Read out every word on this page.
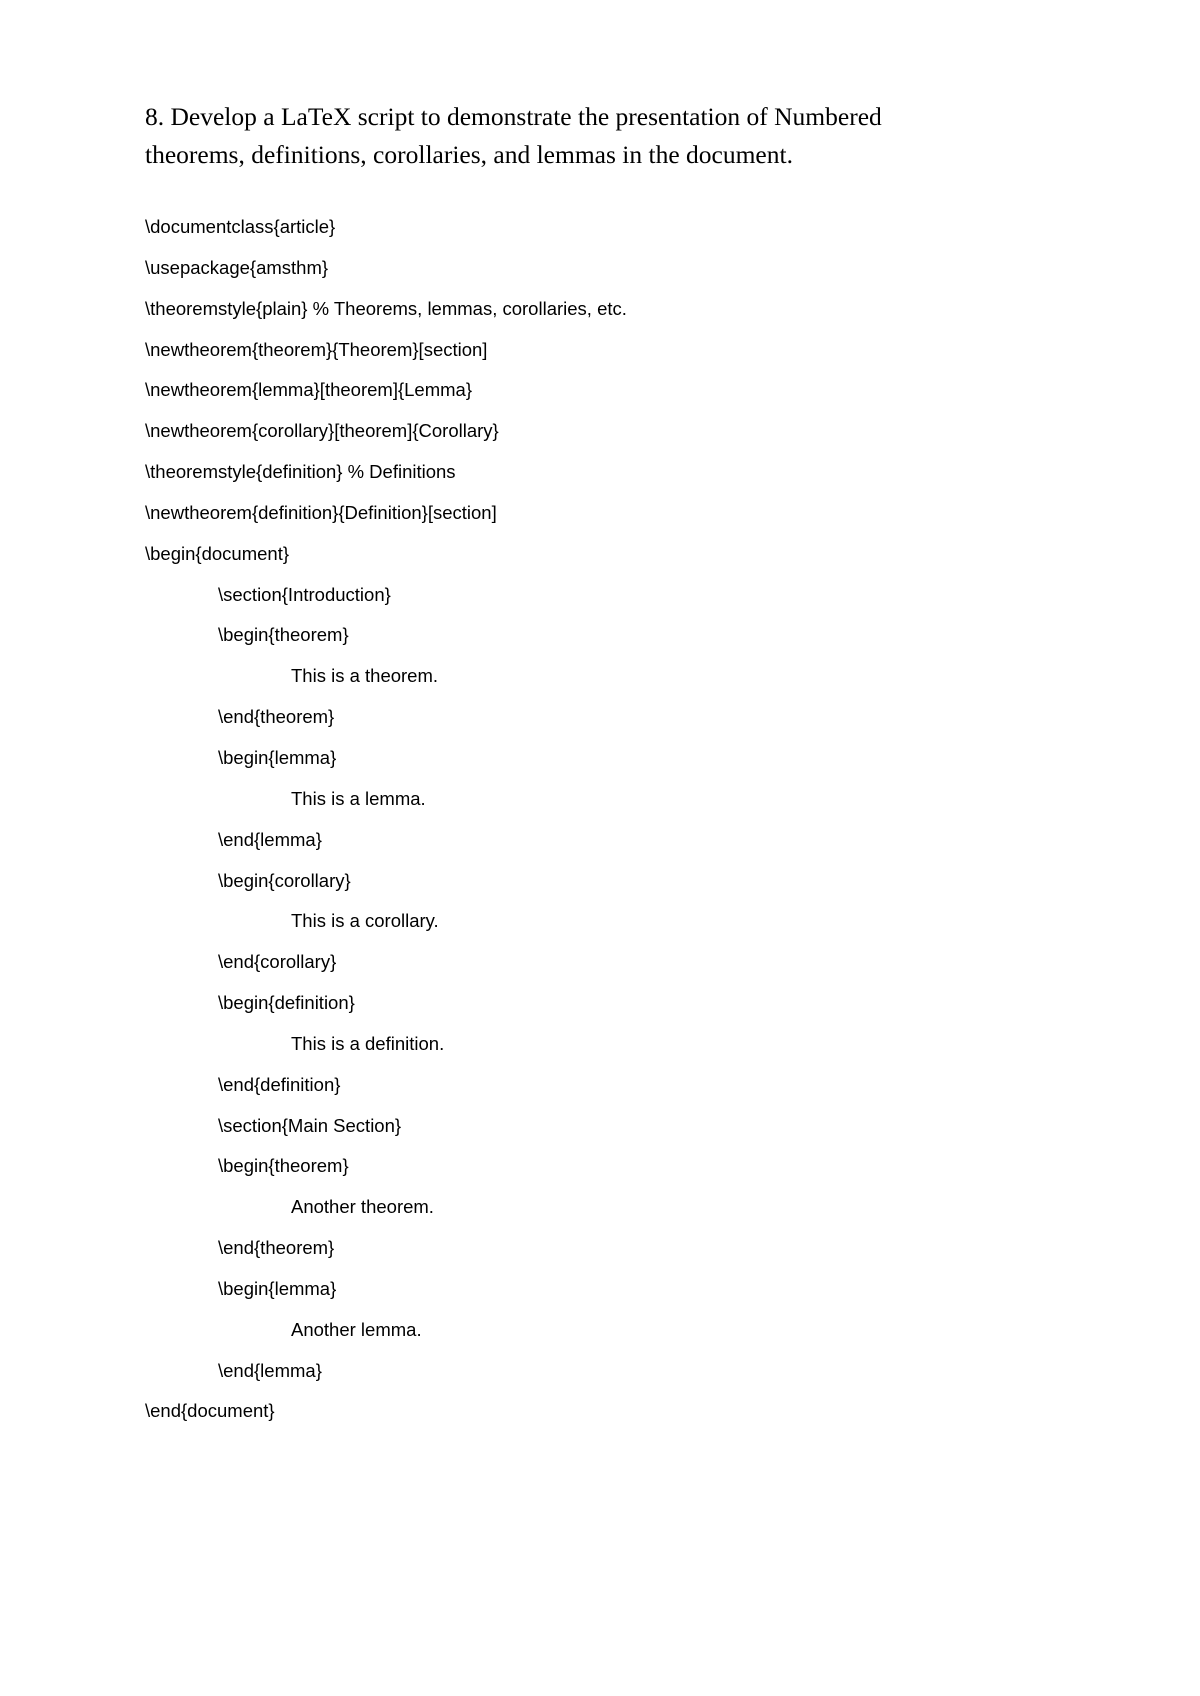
8. Develop a LaTeX script to demonstrate the presentation of Numbered
theorems, definitions, corollaries, and lemmas in the document.
\documentclass{article}
\usepackage{amsthm}
\theoremstyle{plain} % Theorems, lemmas, corollaries, etc.
\newtheorem{theorem}{Theorem}[section]
\newtheorem{lemma}[theorem]{Lemma}
\newtheorem{corollary}[theorem]{Corollary}
\theoremstyle{definition} % Definitions
\newtheorem{definition}{Definition}[section]
\begin{document}
\section{Introduction}
\begin{theorem}
This is a theorem.
\end{theorem}
\begin{lemma}
This is a lemma.
\end{lemma}
\begin{corollary}
This is a corollary.
\end{corollary}
\begin{definition}
This is a definition.
\end{definition}
\section{Main Section}
\begin{theorem}
Another theorem.
\end{theorem}
\begin{lemma}
Another lemma.
\end{lemma}
\end{document}
